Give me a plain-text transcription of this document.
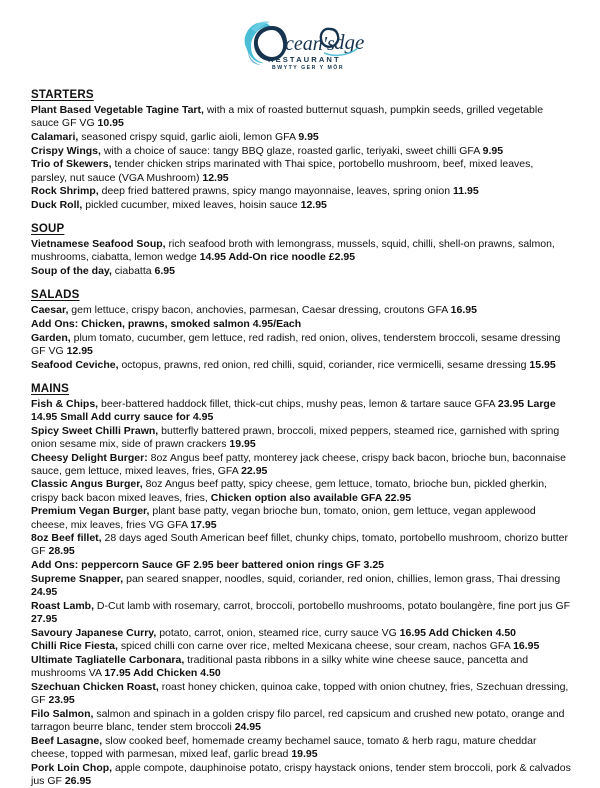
cean's dge
RESTAURANT
BWYTY GER Y MÔR
STARTERS
Plant Based Vegetable Tagine Tart, with a mix of roasted butternut squash, pumpkin seeds, grilled vegetable sauce GF VG 10.95
Calamari, seasoned crispy squid, garlic aioli, lemon GFA 9.95
Crispy Wings, with a choice of sauce: tangy BBQ glaze, roasted garlic, teriyaki, sweet chilli GFA 9.95
Trio of Skewers, tender chicken strips marinated with Thai spice, portobello mushroom, beef, mixed leaves, parsley, nut sauce (VGA Mushroom) 12.95
Rock Shrimp, deep fried battered prawns, spicy mango mayonnaise, leaves, spring onion 11.95
Duck Roll, pickled cucumber, mixed leaves, hoisin sauce 12.95
SOUP
Vietnamese Seafood Soup, rich seafood broth with lemongrass, mussels, squid, chilli, shell-on prawns, salmon, mushrooms, ciabatta, lemon wedge 14.95 Add-On rice noodle £2.95
Soup of the day, ciabatta 6.95
SALADS
Caesar, gem lettuce, crispy bacon, anchovies, parmesan, Caesar dressing, croutons GFA 16.95
Add Ons: Chicken, prawns, smoked salmon 4.95/Each
Garden, plum tomato, cucumber, gem lettuce, red radish, red onion, olives, tenderstem broccoli, sesame dressing GF VG 12.95
Seafood Ceviche, octopus, prawns, red onion, red chilli, squid, coriander, rice vermicelli, sesame dressing 15.95
MAINS
Fish & Chips, beer-battered haddock fillet, thick-cut chips, mushy peas, lemon & tartare sauce GFA 23.95 Large 14.95 Small Add curry sauce for 4.95
Spicy Sweet Chilli Prawn, butterfly battered prawn, broccoli, mixed peppers, steamed rice, garnished with spring onion sesame mix, side of prawn crackers 19.95
Cheesy Delight Burger: 8oz Angus beef patty, monterey jack cheese, crispy back bacon, brioche bun, baconnaise sauce, gem lettuce, mixed leaves, fries, GFA 22.95
Classic Angus Burger, 8oz Angus beef patty, spicy cheese, gem lettuce, tomato, brioche bun, pickled gherkin, crispy back bacon mixed leaves, fries, Chicken option also available GFA 22.95
Premium Vegan Burger, plant base patty, vegan brioche bun, tomato, onion, gem lettuce, vegan applewood cheese, mix leaves, fries VG GFA 17.95
8oz Beef fillet, 28 days aged South American beef fillet, chunky chips, tomato, portobello mushroom, chorizo butter GF 28.95
Add Ons: peppercorn Sauce GF 2.95 beer battered onion rings GF 3.25
Supreme Snapper, pan seared snapper, noodles, squid, coriander, red onion, chillies, lemon grass, Thai dressing 24.95
Roast Lamb, D-Cut lamb with rosemary, carrot, broccoli, portobello mushrooms, potato boulangère, fine port jus GF 27.95
Savoury Japanese Curry, potato, carrot, onion, steamed rice, curry sauce VG 16.95 Add Chicken 4.50
Chilli Rice Fiesta, spiced chilli con carne over rice, melted Mexicana cheese, sour cream, nachos GFA 16.95
Ultimate Tagliatelle Carbonara, traditional pasta ribbons in a silky white wine cheese sauce, pancetta and mushrooms VA 17.95 Add Chicken 4.50
Szechuan Chicken Roast, roast honey chicken, quinoa cake, topped with onion chutney, fries, Szechuan dressing, GF 23.95
Filo Salmon, salmon and spinach in a golden crispy filo parcel, red capsicum and crushed new potato, orange and tarragon beurre blanc, tender stem broccoli 24.95
Beef Lasagne, slow cooked beef, homemade creamy bechamel sauce, tomato & herb ragu, mature cheddar cheese, topped with parmesan, mixed leaf, garlic bread 19.95
Pork Loin Chop, apple compote, dauphinoise potato, crispy haystack onions, tender stem broccoli, pork & calvados jus GF 26.95
